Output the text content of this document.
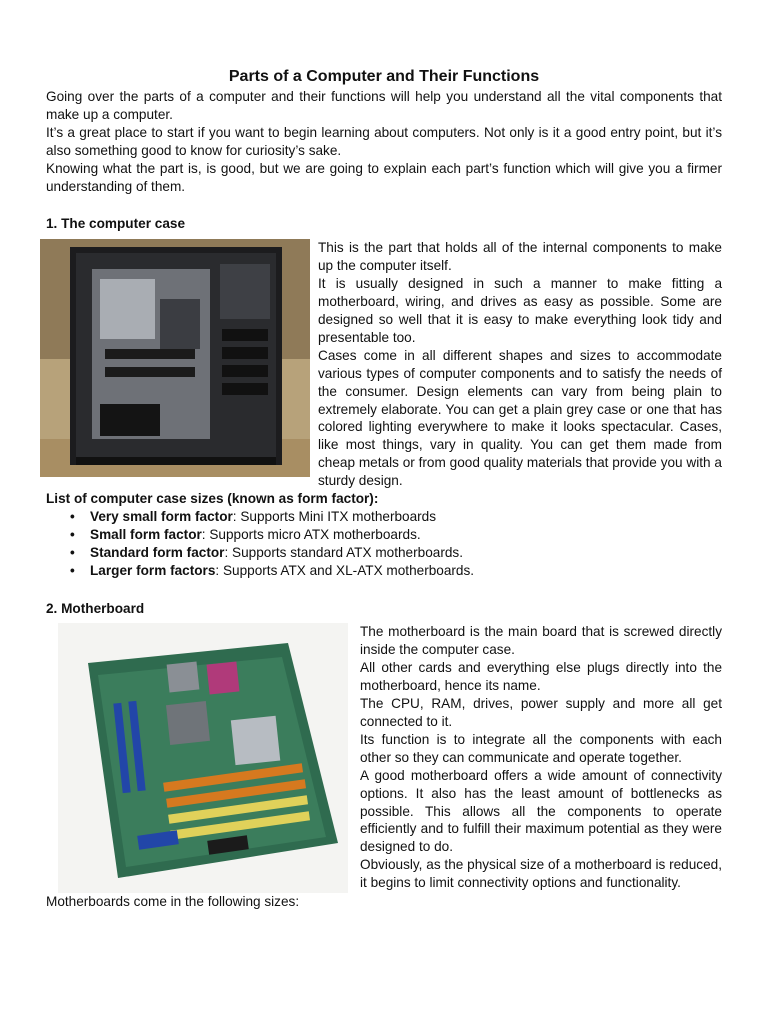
Parts of a Computer and Their Functions

Going over the parts of a computer and their functions will help you understand all the vital components that make up a computer.

It’s a great place to start if you want to begin learning about computers. Not only is it a good entry point, but it’s also something good to know for curiosity’s sake.

Knowing what the part is, is good, but we are going to explain each part’s function which will give you a firmer understanding of them.

1. The computer case

This is the part that holds all of the internal components to make up the computer itself.

It is usually designed in such a manner to make fitting a motherboard, wiring, and drives as easy as possible. Some are designed so well that it is easy to make everything look tidy and presentable too.

Cases come in all different shapes and sizes to accommodate various types of computer components and to satisfy the needs of the consumer. Design elements can vary from being plain to extremely elaborate. You can get a plain grey case or one that has colored lighting everywhere to make it looks spectacular. Cases, like most things, vary in quality. You can get them made from cheap metals or from good quality materials that provide you with a sturdy design.

List of computer case sizes (known as form factor):
• Very small form factor: Supports Mini ITX motherboards
• Small form factor: Supports micro ATX motherboards.
• Standard form factor: Supports standard ATX motherboards.
• Larger form factors: Supports ATX and XL-ATX motherboards.
2. Motherboard

The motherboard is the main board that is screwed directly inside the computer case.

All other cards and everything else plugs directly into the motherboard, hence its name.

The CPU, RAM, drives, power supply and more all get connected to it.

Its function is to integrate all the components with each other so they can communicate and operate together.

A good motherboard offers a wide amount of connectivity options. It also has the least amount of bottlenecks as possible. This allows all the components to operate efficiently and to fulfill their maximum potential as they were designed to do.

Obviously, as the physical size of a motherboard is reduced, it begins to limit connectivity options and functionality.

Motherboards come in the following sizes:
